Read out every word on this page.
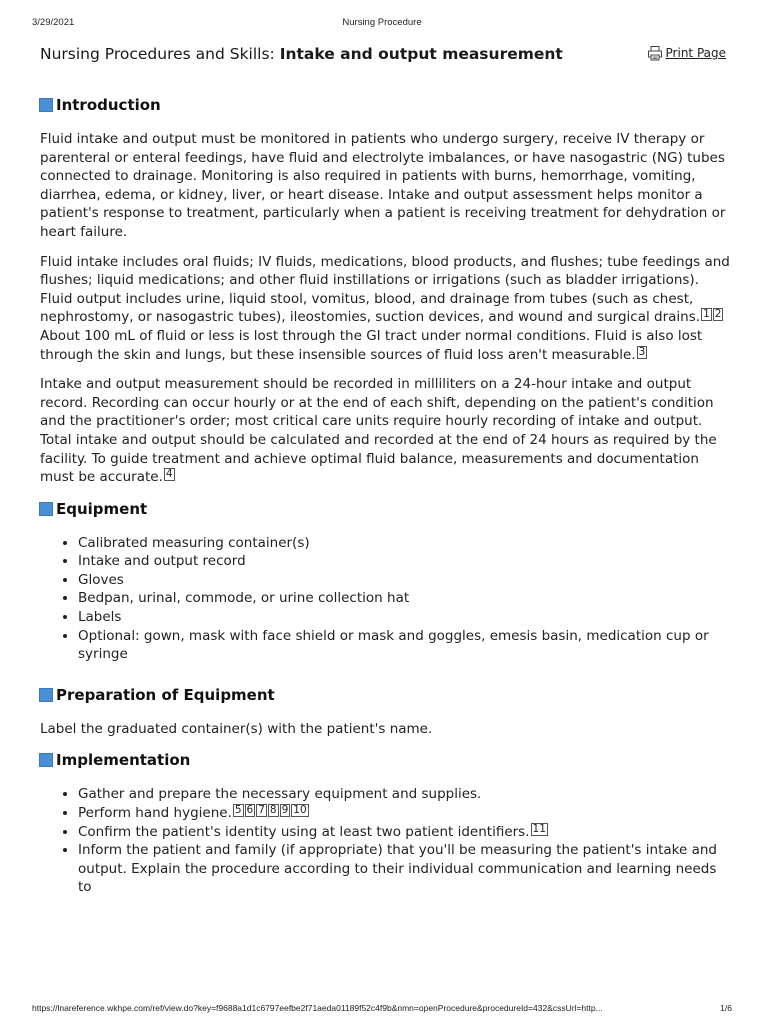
3/29/2021	Nursing Procedure
Nursing Procedures and Skills: Intake and output measurement	Print Page
Introduction

Fluid intake and output must be monitored in patients who undergo surgery, receive IV therapy or parenteral or enteral feedings, have fluid and electrolyte imbalances, or have nasogastric (NG) tubes connected to drainage. Monitoring is also required in patients with burns, hemorrhage, vomiting, diarrhea, edema, or kidney, liver, or heart disease. Intake and output assessment helps monitor a patient's response to treatment, particularly when a patient is receiving treatment for dehydration or heart failure.

Fluid intake includes oral fluids; IV fluids, medications, blood products, and flushes; tube feedings and flushes; liquid medications; and other fluid instillations or irrigations (such as bladder irrigations). Fluid output includes urine, liquid stool, vomitus, blood, and drainage from tubes (such as chest, nephrostomy, or nasogastric tubes), ileostomies, suction devices, and wound and surgical drains. 1 2 About 100 mL of fluid or less is lost through the GI tract under normal conditions. Fluid is also lost through the skin and lungs, but these insensible sources of fluid loss aren't measurable. 3

Intake and output measurement should be recorded in milliliters on a 24-hour intake and output record. Recording can occur hourly or at the end of each shift, depending on the patient's condition and the practitioner's order; most critical care units require hourly recording of intake and output. Total intake and output should be calculated and recorded at the end of 24 hours as required by the facility. To guide treatment and achieve optimal fluid balance, measurements and documentation must be accurate. 4

Equipment
• Calibrated measuring container(s)
• Intake and output record
• Gloves
• Bedpan, urinal, commode, or urine collection hat
• Labels
• Optional: gown, mask with face shield or mask and goggles, emesis basin, medication cup or syringe
Preparation of Equipment

Label the graduated container(s) with the patient's name.

Implementation
• Gather and prepare the necessary equipment and supplies.
• Perform hand hygiene. 5 6 7 8 9 10
• Confirm the patient's identity using at least two patient identifiers. 11
• Inform the patient and family (if appropriate) that you'll be measuring the patient's intake and output. Explain the procedure according to their individual communication and learning needs to
https://lnareference.wkhpe.com/ref/view.do?key=f9688a1d1c6797eefbe2f71aeda01189f52c4f9b&nmn=openProcedure&procedureId=432&cssUrl=http...	1/6
